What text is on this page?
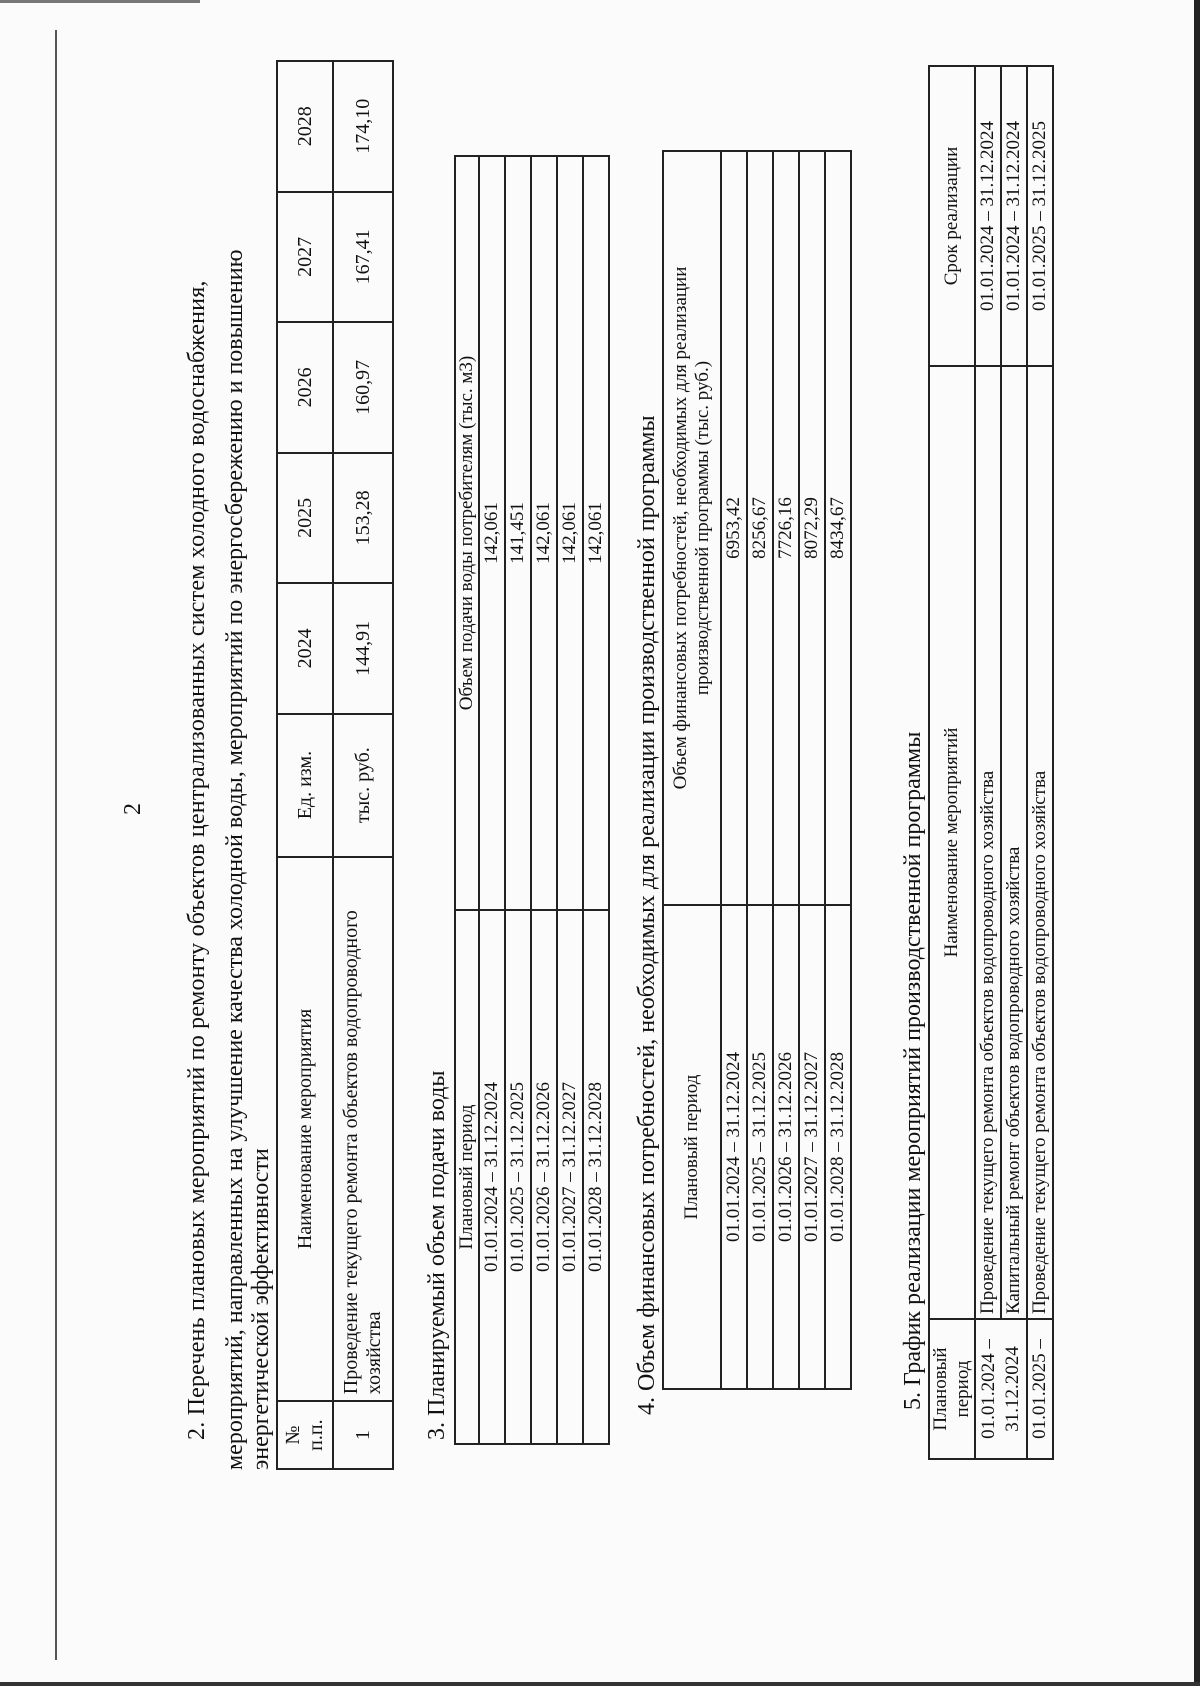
2 2. Перечень плановых мероприятий по ремонту объектов централизованных систем холодного водоснабжения, мероприятий, направленных на улучшение качества холодной воды, мероприятий по энергосбережению и повышению энергетической эффективности № п.п.	Наименование мероприятия	Ед. изм.	2024	2025	2026	2027	2028
1	Проведение текущего ремонта объектов водопроводного хозяйства	тыс. руб.	144,91	153,28	160,97	167,41	174,10
3. Планируемый объем подачи воды Плановый период	Объем подачи воды потребителям (тыс. м3)
01.01.2024 – 31.12.2024	142,061
01.01.2025 – 31.12.2025	141,451
01.01.2026 – 31.12.2026	142,061
01.01.2027 – 31.12.2027	142,061
01.01.2028 – 31.12.2028	142,061 4. Объем финансовых потребностей, необходимых для реализации производственной программы Плановый период	Объем финансовых потребностей, необходимых для реализации производственной программы (тыс. руб.)
01.01.2024 – 31.12.2024	6953,42
01.01.2025 – 31.12.2025	8256,67
01.01.2026 – 31.12.2026	7726,16
01.01.2027 – 31.12.2027	8072,29
01.01.2028 – 31.12.2028	8434,67
5. График реализации мероприятий производственной программы Плановый период	Наименование мероприятий	Срок реализации
01.01.2024 – 31.12.2024	Проведение текущего ремонта объектов водопроводного хозяйства	01.01.2024 – 31.12.2024
	Капитальный ремонт объектов водопроводного хозяйства	01.01.2024 – 31.12.2024
01.01.2025 –	Проведение текущего ремонта объектов водопроводного хозяйства	01.01.2025 – 31.12.2025
